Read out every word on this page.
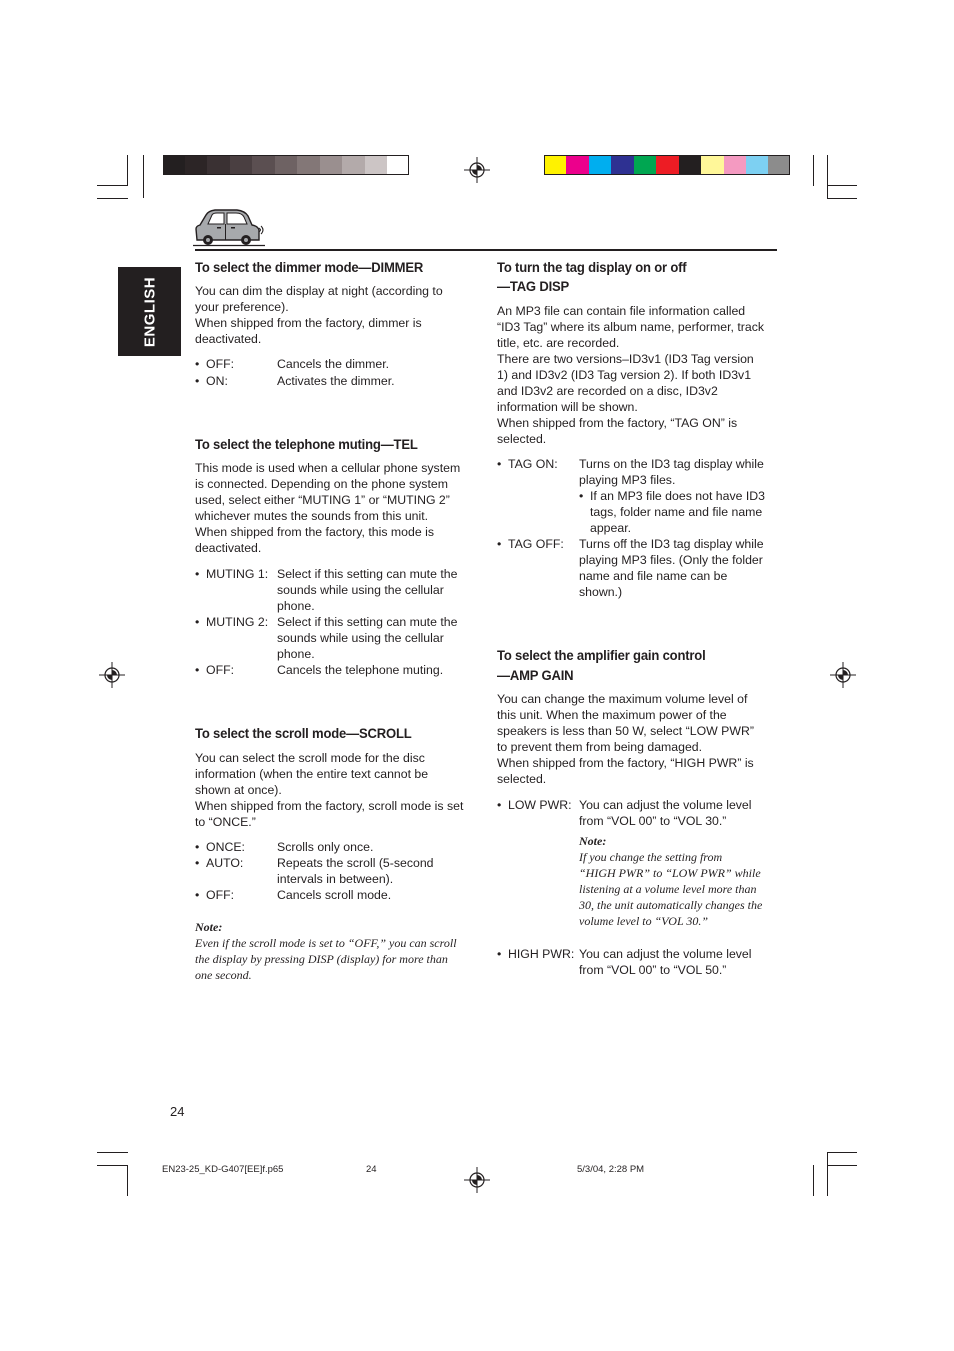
ENGLISH
To select the dimmer mode—DIMMER

You can dim the display at night (according to
your preference).
When shipped from the factory, dimmer is
deactivated.

• OFF:	Cancels the dimmer.
• ON:	Activates the dimmer.
To select the telephone muting—TEL

This mode is used when a cellular phone system
is connected. Depending on the phone system
used, select either “MUTING 1” or “MUTING 2”
whichever mutes the sounds from this unit.
When shipped from the factory, this mode is
deactivated.

• MUTING 1: Select if this setting can mute the
sounds while using the cellular
phone.
• MUTING 2: Select if this setting can mute the
sounds while using the cellular
phone.
• OFF:	Cancels the telephone muting.
To select the scroll mode—SCROLL

You can select the scroll mode for the disc
information (when the entire text cannot be
shown at once).
When shipped from the factory, scroll mode is set
to “ONCE.”

• ONCE:	Scrolls only once.
• AUTO:	Repeats the scroll (5-second
intervals in between).
• OFF:	Cancels scroll mode.
Note:
Even if the scroll mode is set to “OFF,” you can scroll
the display by pressing DISP (display) for more than
one second.
To turn the tag display on or off
—TAG DISP

An MP3 file can contain file information called
“ID3 Tag” where its album name, performer, track
title, etc. are recorded.
There are two versions–ID3v1 (ID3 Tag version
1) and ID3v2 (ID3 Tag version 2). If both ID3v1
and ID3v2 are recorded on a disc, ID3v2
information will be shown.
When shipped from the factory, “TAG ON” is
selected.

• TAG ON: Turns on the ID3 tag display while
playing MP3 files.
• If an MP3 file does not have ID3
tags, folder name and file name
appear.
• TAG OFF: Turns off the ID3 tag display while
playing MP3 files. (Only the folder
name and file name can be
shown.)
To select the amplifier gain control
—AMP GAIN

You can change the maximum volume level of
this unit. When the maximum power of the
speakers is less than 50 W, select “LOW PWR”
to prevent them from being damaged.
When shipped from the factory, “HIGH PWR” is
selected.

• LOW PWR: You can adjust the volume level
from “VOL 00” to “VOL 30.”
Note:
If you change the setting from
“HIGH PWR” to “LOW PWR” while
listening at a volume level more than
30, the unit automatically changes the
volume level to “VOL 30.”
• HIGH PWR: You can adjust the volume level
from “VOL 00” to “VOL 50.”
24
EN23-25_KD-G407[EE]f.p65	24	5/3/04, 2:28 PM
